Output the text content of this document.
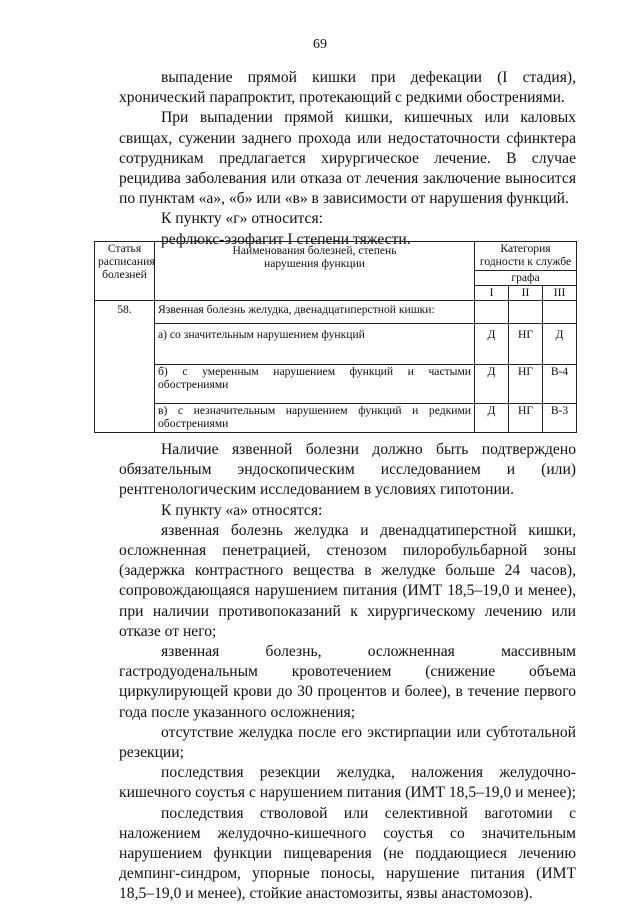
69

выпадение прямой кишки при дефекации (I стадия), хронический парапроктит, протекающий с редкими обострениями.

При выпадении прямой кишки, кишечных или каловых свищах, сужении заднего прохода или недостаточности сфинктера сотрудникам предлагается хирургическое лечение. В случае рецидива заболевания или отказа от лечения заключение выносится по пунктам «а», «б» или «в» в зависимости от нарушения функций.

К пункту «г» относится:

рефлюкс-эзофагит I степени тяжести.

Статья расписания болезней	Наименования болезней, степень нарушения функции	Категория годности к службе		
		графа		
		I	II	III
58.	Язвенная болезнь желудка, двенадцатиперстной кишки:			
	а) со значительным нарушением функций	Д	НГ	Д

	б) с умеренным нарушением функций и частыми обострениями	Д	НГ	В-4

	в) с незначительным нарушением функций и редкими обострениями	Д	НГ	В-3

Наличие язвенной болезни должно быть подтверждено обязательным эндоскопическим исследованием и (или) рентгенологическим исследованием в условиях гипотонии.

К пункту «а» относятся:

язвенная болезнь желудка и двенадцатиперстной кишки, осложненная пенетрацией, стенозом пилоробульбарной зоны (задержка контрастного вещества в желудке больше 24 часов), сопровождающаяся нарушением питания (ИМТ 18,5–19,0 и менее), при наличии противопоказаний к хирургическому лечению или отказе от него;

язвенная болезнь, осложненная массивным гастродуоденальным кровотечением (снижение объема циркулирующей крови до 30 процентов и более), в течение первого года после указанного осложнения;

отсутствие желудка после его экстирпации или субтотальной резекции;

последствия резекции желудка, наложения желудочно-кишечного соустья с нарушением питания (ИМТ 18,5–19,0 и менее);

последствия стволовой или селективной ваготомии с наложением желудочно-кишечного соустья со значительным нарушением функции пищеварения (не поддающиеся лечению демпинг-синдром, упорные поносы, нарушение питания (ИМТ 18,5–19,0 и менее), стойкие анастомозиты, язвы анастомозов).
